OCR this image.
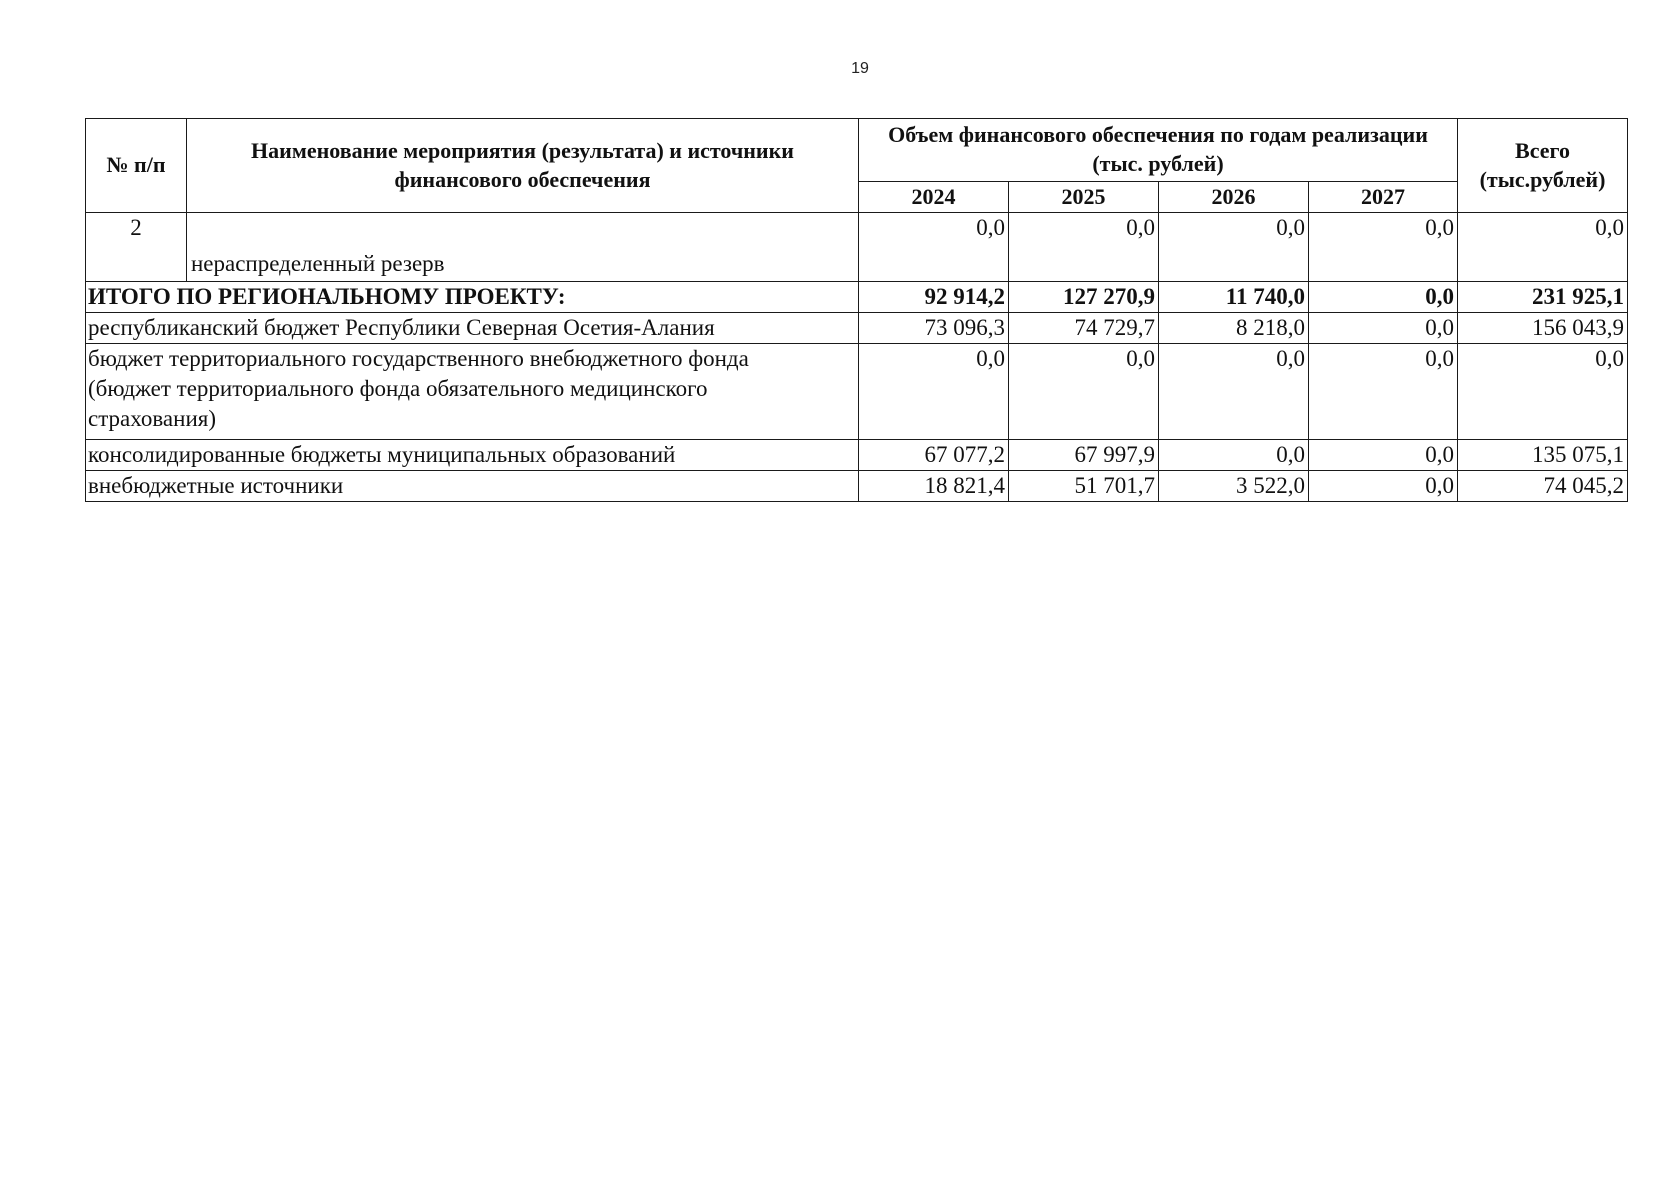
19
№ п/п	Наименование мероприятия (результата) и источники финансового обеспечения	Объем финансового обеспечения по годам реализации (тыс. рублей)				Всего (тыс.рублей)
		2024	2025	2026	2027	
2	нераспределенный резерв	0,0	0,0	0,0	0,0	0,0
ИТОГО ПО РЕГИОНАЛЬНОМУ ПРОЕКТУ:		92 914,2	127 270,9	11 740,0	0,0	231 925,1
республиканский бюджет Республики Северная Осетия-Алания		73 096,3	74 729,7	8 218,0	0,0	156 043,9
бюджет территориального государственного внебюджетного фонда (бюджет территориального фонда обязательного медицинского страхования)		0,0	0,0	0,0	0,0	0,0
консолидированные бюджеты муниципальных образований		67 077,2	67 997,9	0,0	0,0	135 075,1
внебюджетные источники		18 821,4	51 701,7	3 522,0	0,0	74 045,2
